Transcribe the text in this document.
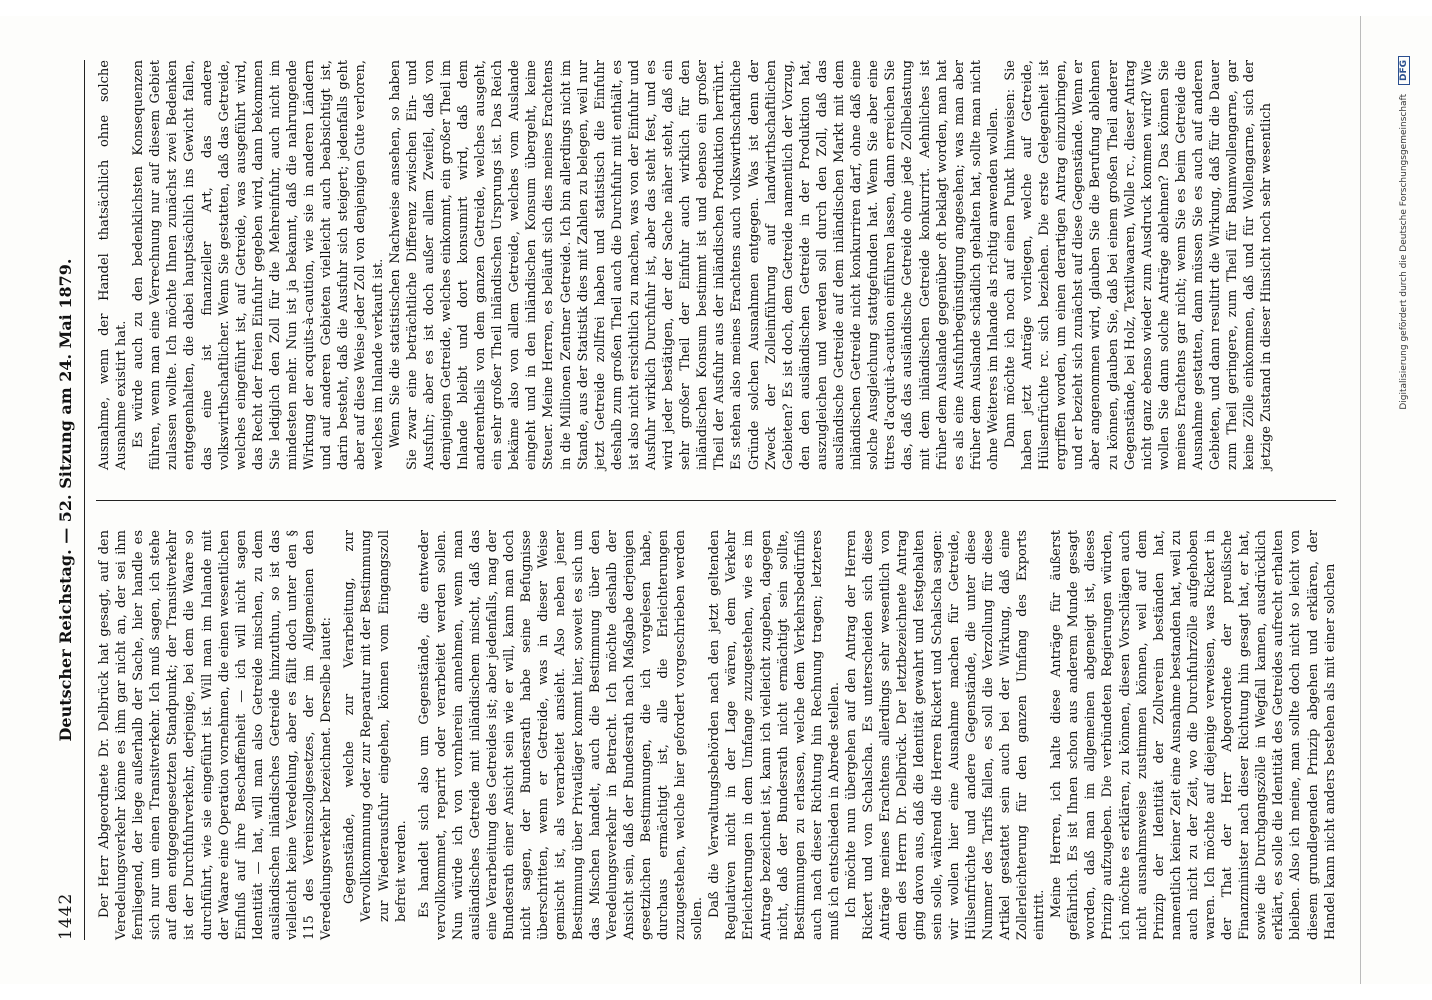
1442
Deutscher Reichstag. — 52. Sitzung am 24. Mai 1879. Der Herr Abgeordnete Dr. Delbrück hat gesagt, auf den Veredelungsverkehr könne es ihm gar nicht an, der sei ihm fernliegend, der liege außerhalb der Sache, hier handle es sich nur um einen Transitverkehr. Ich muß sagen, ich stehe auf dem entgegengesetzten Standpunkt; der Transitverkehr ist der Durchfuhrverkehr, derjenige, bei dem die Waare so durchführt, wie sie eingeführt ist. Will man im Inlande mit der Waare eine Operation vornehmen, die einen wesentlichen Einfluß auf ihre Beschaffenheit — ich will nicht sagen Identität — hat, will man also Getreide mischen, zu dem ausländischen inländisches Getreide hinzuthun, so ist das vielleicht keine Veredelung, aber es fällt doch unter den § 115 des Vereinszollgesetzes, der im Allgemeinen den Veredelungsverkehr bezeichnet. Derselbe lautet: Gegenstände, welche zur Verarbeitung, zur Vervollkommnung oder zur Reparatur mit der Bestimmung zur Wiederausfuhr eingehen, können vom Eingangszoll befreit werden. Es handelt sich also um Gegenstände, die entweder vervollkommnet, reparirt oder verarbeitet werden sollen. Nun würde ich von vornherein annehmen, wenn man ausländisches Getreide mit inländischem mischt, daß das eine Verarbeitung des Getreides ist; aber jedenfalls, mag der Bundesrath einer Ansicht sein wie er will, kann man doch nicht sagen, der Bundesrath habe seine Befugnisse überschritten, wenn er Getreide, was in dieser Weise gemischt ist, als verarbeitet ansieht. Also neben jener Bestimmung über Privatläger kommt hier, soweit es sich um das Mischen handelt, auch die Bestimmung über den Veredelungsverkehr in Betracht. Ich möchte deshalb der Ansicht sein, daß der Bundesrath nach Maßgabe derjenigen gesetzlichen Bestimmungen, die ich vorgelesen habe, durchaus ermächtigt ist, alle die Erleichterungen zuzugestehen, welche hier gefordert vorgeschrieben werden sollen.

Daß die Verwaltungsbehörden nach den jetzt geltenden Regulativen nicht in der Lage wären, dem Verkehr Erleichterungen in dem Umfange zuzugestehen, wie es im Antrage bezeichnet ist, kann ich vielleicht zugeben, dagegen nicht, daß der Bundesrath nicht ermächtigt sein sollte, Bestimmungen zu erlassen, welche dem Verkehrsbedürfniß auch nach dieser Richtung hin Rechnung tragen; letzteres muß ich entschieden in Abrede stellen. Ich möchte nun übergehen auf den Antrag der Herren Rickert und von Schalscha. Es unterscheiden sich diese Anträge meines Erachtens allerdings sehr wesentlich von dem des Herrn Dr. Delbrück. Der letztbezeichnete Antrag ging davon aus, daß die Identität gewahrt und festgehalten sein solle, während die Herren Rickert und Schalscha sagen: wir wollen hier eine Ausnahme machen für Getreide, Hülsenfrüchte und andere Gegenstände, die unter diese Nummer des Tarifs fallen, es soll die Verzollung für diese Artikel gestattet sein auch bei der Wirkung, daß eine Zollerleichterung für den ganzen Umfang des Exports eintritt. Meine Herren, ich halte diese Anträge für äußerst gefährlich. Es ist Ihnen schon aus anderem Munde gesagt worden, daß man im allgemeinen abgeneigt ist, dieses Prinzip aufzugeben. Die verbündeten Regierungen würden, ich möchte es erklären, zu können, diesen Vorschlägen auch nicht ausnahmsweise zustimmen können, weil auf dem Prinzip der Identität der Zollverein beständen hat, namentlich keiner Zeit eine Ausnahme bestanden hat, weil zu auch nicht zu der Zeit, wo die Durchfuhrzölle aufgehoben waren. Ich möchte auf diejenige verweisen, was Rickert in der That der Herr Abgeordnete der preußische Finanzminister nach dieser Richtung hin gesagt hat, er hat, sowie die Durchgangszölle in Wegfall kamen, ausdrücklich erklärt, es solle die Identität des Getreides aufrecht erhalten bleiben. Also ich meine, man sollte doch nicht so leicht von diesem grundlegenden Prinzip abgehen und erklären, der Handel kann nicht anders bestehen als mit einer solchen

Ausnahme, wenn der Handel thatsächlich ohne solche Ausnahme existirt hat. Es würde auch zu den bedenklichsten Konsequenzen führen, wenn man eine Verrechnung nur auf diesem Gebiet zulassen wollte. Ich möchte Ihnen zunächst zwei Bedenken entgegenhalten, die dabei hauptsächlich ins Gewicht fallen, das eine ist finanzieller Art, das andere volkswirthschaftlicher. Wenn Sie gestatten, daß das Getreide, welches eingeführt ist, auf Getreide, was ausgeführt wird, das Recht der freien Einfuhr gegeben wird, dann bekommen Sie lediglich den Zoll für die Mehreinfuhr, auch nicht im mindesten mehr. Nun ist ja bekannt, daß die nahrungende Wirkung der acquits-à-caution, wie sie in anderen Ländern und auf anderen Gebieten vielleicht auch beabsichtigt ist, darin besteht, daß die Ausfuhr sich steigert; jedenfalls geht aber auf diese Weise jeder Zoll von denjenigen Gute verloren, welches im Inlande verkauft ist. Wenn Sie die statistischen Nachweise ansehen, so haben Sie zwar eine beträchtliche Differenz zwischen Ein- und Ausfuhr; aber es ist doch außer allem Zweifel, daß von demjenigen Getreide, welches einkommt, ein großer Theil im Inlande bleibt und dort konsumirt wird, daß dem anderentheils von dem ganzen Getreide, welches ausgeht, ein sehr großer Theil inländischen Ursprungs ist. Das Reich bekäme also von allem Getreide, welches vom Auslande eingeht und in den inländischen Konsum übergeht, keine Steuer. Meine Herren, es beläuft sich dies meines Erachtens in die Millionen Zentner Getreide. Ich bin allerdings nicht im Stande, aus der Statistik dies mit Zahlen zu belegen, weil nur jetzt Getreide zollfrei haben und statistisch die Einfuhr deshalb zum großen Theil auch die Durchfuhr mit enthält, es ist also nicht ersichtlich zu machen, was von der Einfuhr und Ausfuhr wirklich Durchfuhr ist, aber das steht fest, und es wird jeder bestätigen, der der Sache näher steht, daß ein sehr großer Theil der Einfuhr auch wirklich für den inländischen Konsum bestimmt ist und ebenso ein großer Theil der Ausfuhr aus der inländischen Produktion herrührt. Es stehen also meines Erachtens auch volkswirthschaftliche Gründe solchen Ausnahmen entgegen. Was ist denn der Zweck der Zolleinführung auf landwirthschaftlichen Gebieten? Es ist doch, dem Getreide namentlich der Vorzug, den den ausländischen Getreide in der Produktion hat, auszugleichen und werden soll durch den Zoll, daß das ausländische Getreide auf dem inländischen Markt mit dem inländischen Getreide nicht konkurriren darf, ohne daß eine solche Ausgleichung stattgefunden hat. Wenn Sie aber eine titres d'acquit-à-caution einführen lassen, dann erreichen Sie das, daß das ausländische Getreide ohne jede Zollbelastung mit dem inländischen Getreide konkurrirt. Aehnliches ist früher dem Auslande gegenüber oft beklagt worden, man hat es als eine Ausfuhrbegünstigung angesehen; was man aber früher dem Auslande schädlich gehalten hat, sollte man nicht ohne Weiteres im Inlande als richtig anwenden wollen. Dann möchte ich noch auf einen Punkt hinweisen: Sie haben jetzt Anträge vorliegen, welche auf Getreide, Hülsenfrüchte rc. sich beziehen. Die erste Gelegenheit ist ergriffen worden, um einen derartigen Antrag einzubringen, und er bezieht sich zunächst auf diese Gegenstände. Wenn er aber angenommen wird, glauben Sie die Berufung ablehnen zu können, glauben Sie, daß bei einem großen Theil anderer Gegenstände, bei Holz, Textilwaaren, Wolle rc., dieser Antrag nicht ganz ebenso wieder zum Ausdruck kommen wird? Wie wollen Sie dann solche Anträge ablehnen? Das können Sie meines Erachtens gar nicht; wenn Sie es beim Getreide die Ausnahme gestatten, dann müssen Sie es auch auf anderen Gebieten, und dann resultirt die Wirkung, daß für die Dauer zum Theil geringere, zum Theil für Baumwollengarne, gar keine Zölle einkommen, daß und für Wollengarne, sich der jetzige Zustand in dieser Hinsicht noch sehr wesentlich	Digitalisierung gefördert durch die Deutsche Forschungsgemeinschaft DFG
